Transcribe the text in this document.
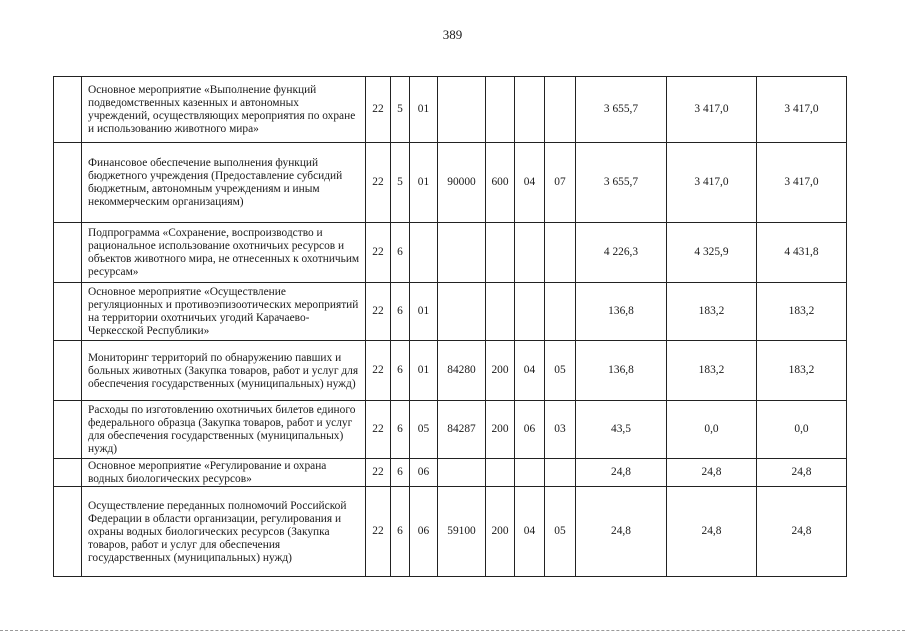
389
	Основное мероприятие «Выполнение функций подведомственных казенных и автономных учреждений, осуществляющих мероприятия по охране и использованию животного мира»	22	5	01					3 655,7	3 417,0	3 417,0
	Финансовое обеспечение выполнения функций бюджетного учреждения (Предоставление субсидий бюджетным, автономным учреждениям и иным некоммерческим организациям)	22	5	01	90000	600	04	07	3 655,7	3 417,0	3 417,0
	Подпрограмма «Сохранение, воспроизводство и рациональное использование охотничьих ресурсов и объектов животного мира, не отнесенных к охотничьим ресурсам»	22	6						4 226,3	4 325,9	4 431,8
	Основное мероприятие «Осуществление регуляционных и противоэпизоотических мероприятий на территории охотничьих угодий Карачаево-Черкесской Республики»	22	6	01					136,8	183,2	183,2
	Мониторинг территорий по обнаружению павших и больных животных (Закупка товаров, работ и услуг для обеспечения государственных (муниципальных) нужд)	22	6	01	84280	200	04	05	136,8	183,2	183,2
	Расходы по изготовлению охотничьих билетов единого федерального образца (Закупка товаров, работ и услуг для обеспечения государственных (муниципальных) нужд)	22	6	05	84287	200	06	03	43,5	0,0	0,0
	Основное мероприятие «Регулирование и охрана водных биологических ресурсов»	22	6	06					24,8	24,8	24,8
	Осуществление переданных полномочий Российской Федерации в области организации, регулирования и охраны водных биологических ресурсов (Закупка товаров, работ и услуг для обеспечения государственных (муниципальных) нужд)	22	6	06	59100	200	04	05	24,8	24,8	24,8
